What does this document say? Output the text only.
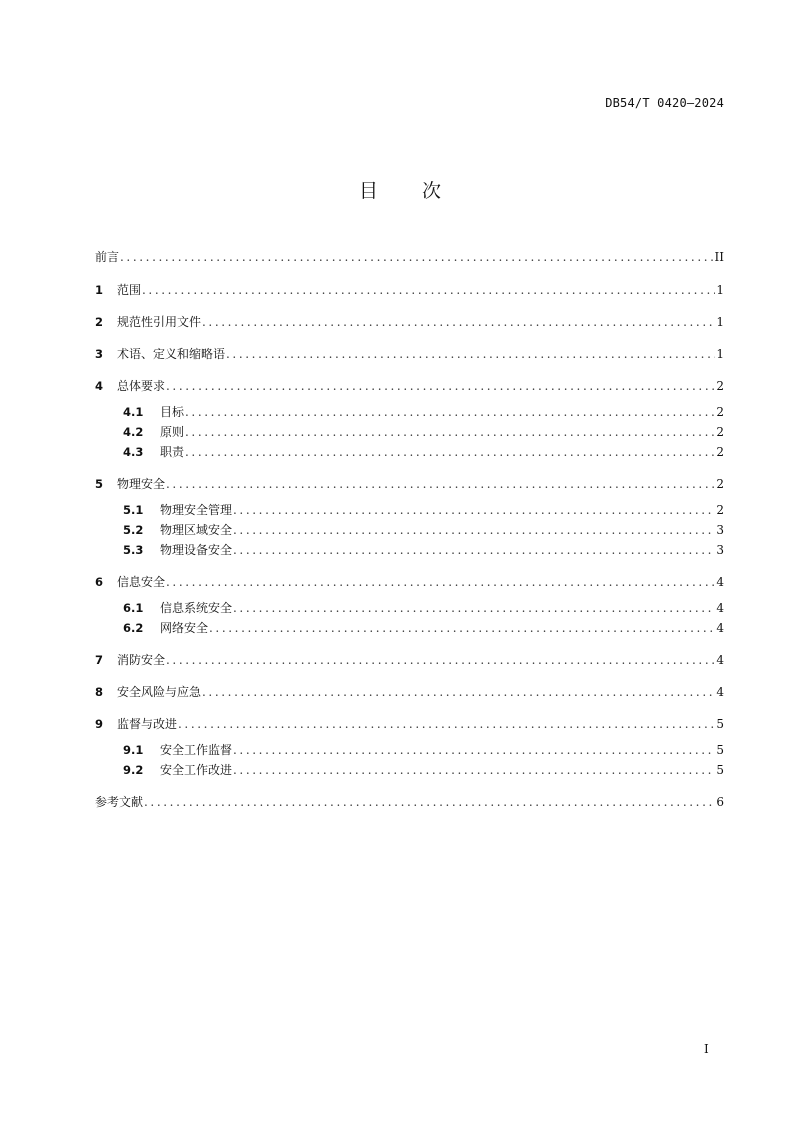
DB54/T 0420—2024
目 次
前言 .....	II
1	范围 .....	1
2	规范性引用文件 .....	1
3	术语、定义和缩略语 .....	1
4	总体要求 .....	2
4.1	目标 .....	2
4.2	原则 .....	2
4.3	职责 .....	2
5	物理安全 .....	2
5.1	物理安全管理 .....	2
5.2	物理区域安全 .....	3
5.3	物理设备安全 .....	3
6	信息安全 .....	4
6.1	信息系统安全 .....	4
6.2	网络安全 .....	4
7	消防安全 .....	4
8	安全风险与应急 .....	4
9	监督与改进 .....	5
9.1	安全工作监督 .....	5
9.2	安全工作改进 .....	5
参考文献 .....	6
I
